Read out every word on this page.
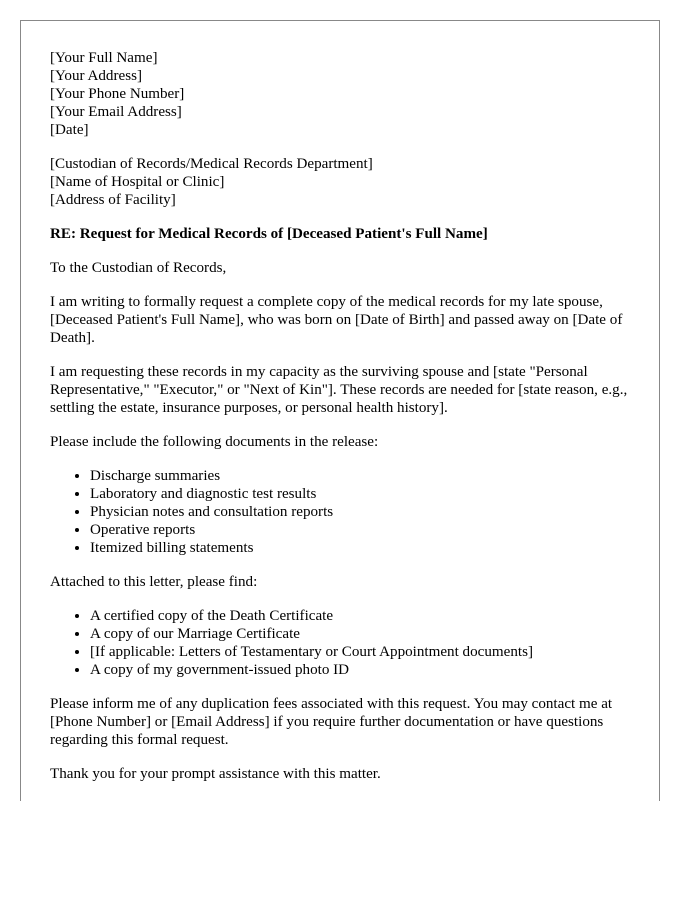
[Your Full Name]
[Your Address]
[Your Phone Number]
[Your Email Address]
[Date]
[Custodian of Records/Medical Records Department]
[Name of Hospital or Clinic]
[Address of Facility]

RE: Request for Medical Records of [Deceased Patient's Full Name]

To the Custodian of Records,

I am writing to formally request a complete copy of the medical records for my late spouse, [Deceased Patient's Full Name], who was born on [Date of Birth] and passed away on [Date of Death].

I am requesting these records in my capacity as the surviving spouse and [state "Personal Representative," "Executor," or "Next of Kin"]. These records are needed for [state reason, e.g., settling the estate, insurance purposes, or personal health history].

Please include the following documents in the release:

• Discharge summaries
• Laboratory and diagnostic test results
• Physician notes and consultation reports
• Operative reports
• Itemized billing statements

Attached to this letter, please find:

• A certified copy of the Death Certificate
• A copy of our Marriage Certificate
• [If applicable: Letters of Testamentary or Court Appointment documents]
• A copy of my government-issued photo ID

Please inform me of any duplication fees associated with this request. You may contact me at [Phone Number] or [Email Address] if you require further documentation or have questions regarding this formal request.

Thank you for your prompt assistance with this matter.
